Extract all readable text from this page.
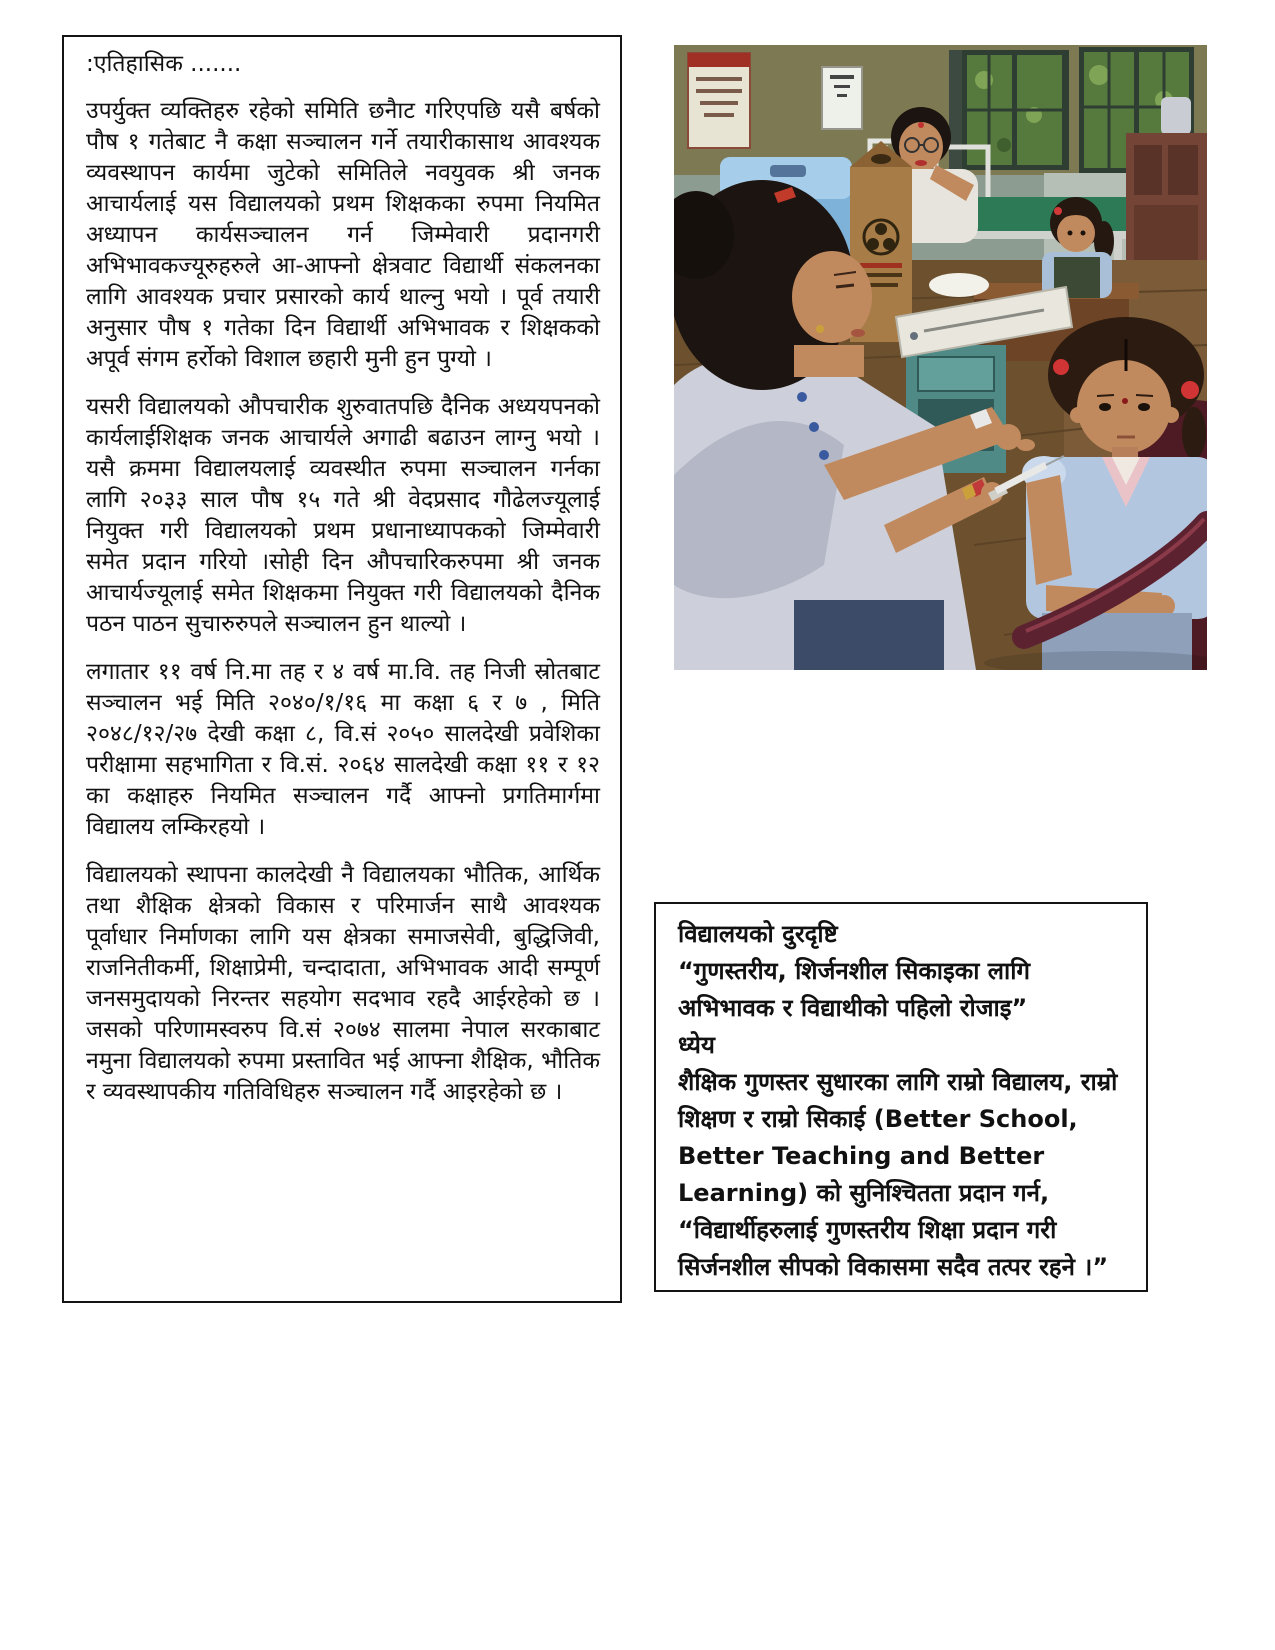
:एतिहासिक .......

उपर्युक्त व्यक्तिहरु रहेको समिति छनैाट गरिएपछि यसै बर्षको पौष १ गतेबाट नै कक्षा सञ्चालन गर्ने तयारीकासाथ आवश्यक व्यवस्थापन कार्यमा जुटेको समितिले नवयुवक श्री जनक आचार्यलाई यस विद्यालयको प्रथम शिक्षकका रुपमा नियमित अध्यापन कार्यसञ्चालन गर्न जिम्मेवारी प्रदानगरी अभिभावकज्यूरुहरुले आ-आफ्नो क्षेत्रवाट विद्यार्थी संकलनका लागि आवश्यक प्रचार प्रसारको कार्य थाल्नु भयो । पूर्व तयारी अनुसार पौष १ गतेका दिन विद्यार्थी अभिभावक र शिक्षकको अपूर्व संगम हर्रोको विशाल छहारी मुनी हुन पुग्यो ।

यसरी विद्यालयको औपचारीक शुरुवातपछि दैनिक अध्ययपनको कार्यलाईशिक्षक जनक आचार्यले अगाढी बढाउन लाग्नु भयो । यसै क्रममा विद्यालयलाई व्यवस्थीत रुपमा सञ्चालन गर्नका लागि २०३३ साल पौष १५ गते श्री वेदप्रसाद गौढेलज्यूलाई नियुक्त गरी विद्यालयको प्रथम प्रधानाध्यापकको जिम्मेवारी समेत प्रदान गरियो ।सोही दिन औपचारिकरुपमा श्री जनक आचार्यज्यूलाई समेत शिक्षकमा नियुक्त गरी विद्यालयको दैनिक पठन पाठन सुचारुरुपले सञ्चालन हुन थाल्यो ।

लगातार ११ वर्ष नि.मा तह र ४ वर्ष मा.वि. तह निजी स्रोतबाट सञ्चालन भई मिति २०४०/१/१६ मा कक्षा ६ र ७ , मिति २०४८/१२/२७ देखी कक्षा ८, वि.सं २०५० सालदेखी प्रवेशिका परीक्षामा सहभागिता र वि.सं. २०६४ सालदेखी कक्षा ११ र १२ का कक्षाहरु नियमित सञ्चालन गर्दै आफ्नो प्रगतिमार्गमा विद्यालय लम्किरहयो ।

विद्यालयको स्थापना कालदेखी नै विद्यालयका भौतिक, आर्थिक तथा शैक्षिक क्षेत्रको विकास र परिमार्जन साथै आवश्यक पूर्वाधार निर्माणका लागि यस क्षेत्रका समाजसेवी, बुद्धिजिवी, राजनितीकर्मी, शिक्षाप्रेमी, चन्दादाता, अभिभावक आदी सम्पूर्ण जनसमुदायको निरन्तर सहयोग सदभाव रहदै आईरहेको छ । जसको परिणामस्वरुप वि.सं २०७४ सालमा नेपाल सरकाबाट नमुना विद्यालयको रुपमा प्रस्तावित भई आफ्ना शैक्षिक, भौतिक र व्यवस्थापकीय गतिविधिहरु सञ्चालन गर्दै आइरहेको छ ।

विद्यालयको दुरदृष्टि

“गुणस्तरीय, शिर्जनशील सिकाइका लागि अभिभावक र विद्याथीको पहिलो रोजाइ”

ध्येय

शैक्षिक गुणस्तर सुधारका लागि राम्रो विद्यालय, राम्रो शिक्षण र राम्रो सिकाई (Better School, Better Teaching and Better Learning) को सुनिश्चितता प्रदान गर्न,

“विद्यार्थीहरुलाई गुणस्तरीय शिक्षा प्रदान गरी सिर्जनशील सीपको विकासमा सदैव तत्पर रहने ।”
